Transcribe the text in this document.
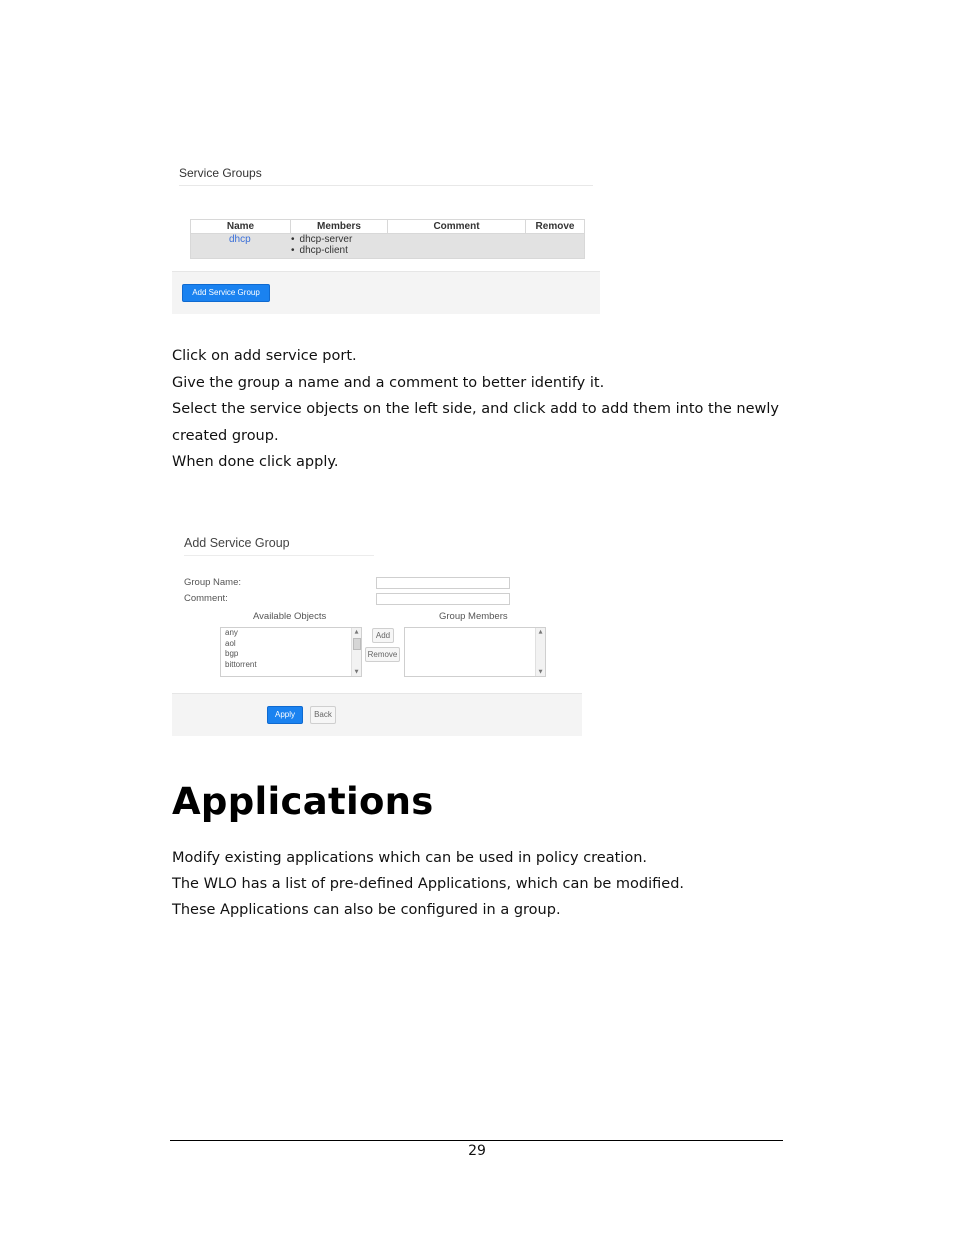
Service Groups
Name	Members	Comment	Remove
dhcp
•	dhcp-server
• dhcp-client
Add Service Group
Click on add service port.
Give the group a name and a comment to better identify it.
Select the service objects on the left side, and click add to add them into the newly
created group.
When done click apply.
Add Service Group
Group Name:
Comment:
Available Objects	Group Members
any
aol
bgp
bittorrent
▲
▼
Add
Remove
▲
▼
Apply	Back
Applications
Modify existing applications which can be used in policy creation.
The WLO has a list of pre-defined Applications, which can be modified.
These Applications can also be configured in a group.
29
